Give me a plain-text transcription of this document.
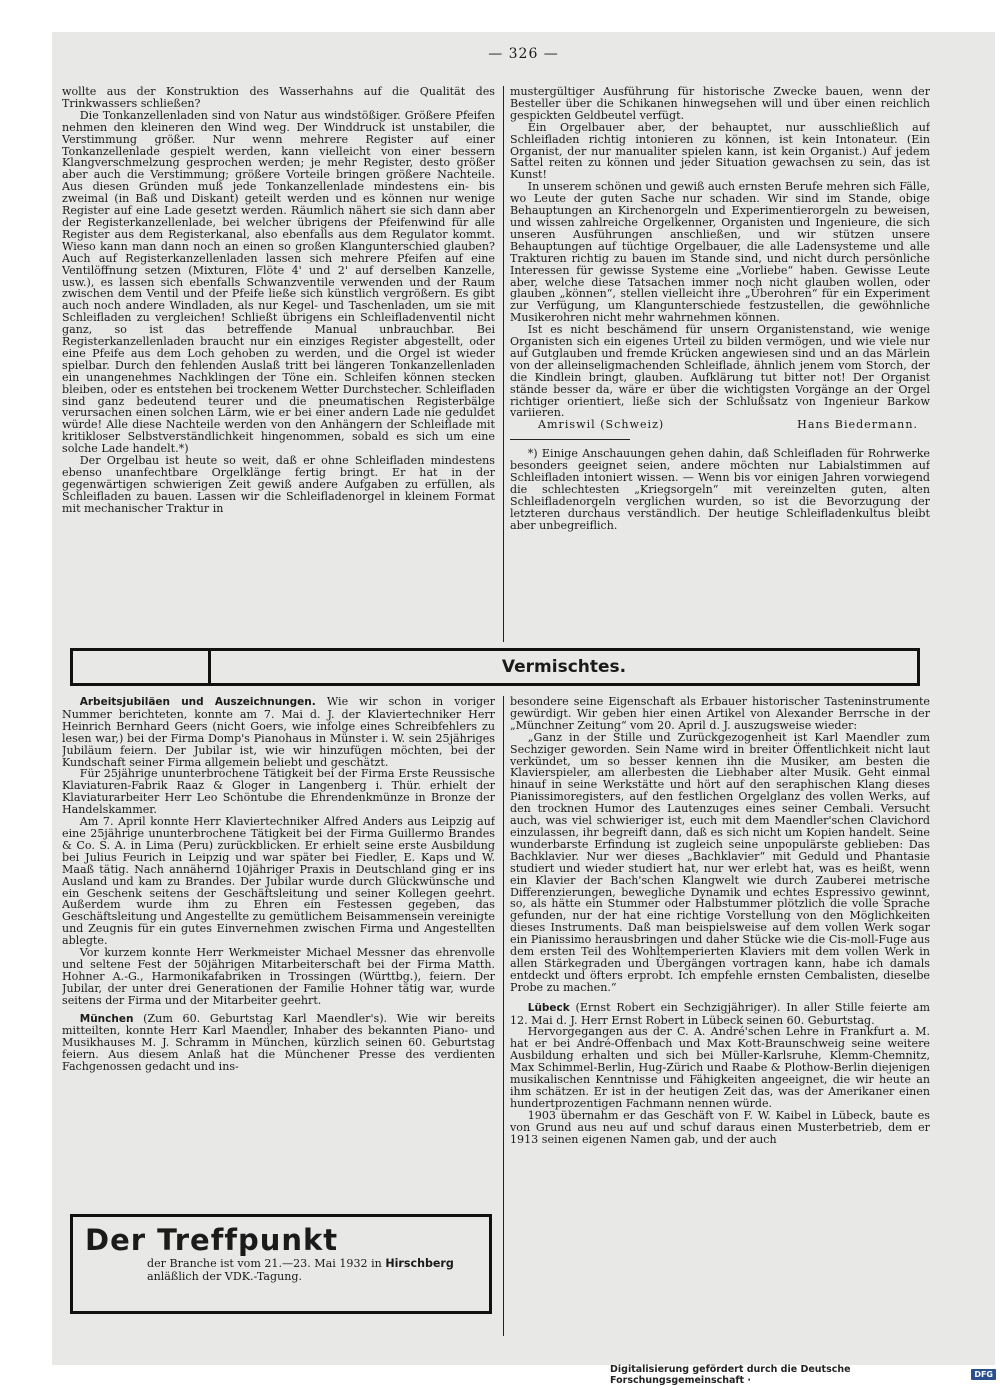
— 326 —

wollte aus der Konstruktion des Wasserhahns auf die Qualität des Trinkwassers schließen?

Die Tonkanzellenladen sind von Natur aus windstößiger. Größere Pfeifen nehmen den kleineren den Wind weg. Der Winddruck ist unstabiler, die Verstimmung größer. Nur wenn mehrere Register auf einer Tonkanzellenlade gespielt werden, kann vielleicht von einer bessern Klangverschmelzung gesprochen werden; je mehr Register, desto größer aber auch die Verstimmung; größere Vorteile bringen größere Nachteile. Aus diesen Gründen muß jede Tonkanzellenlade mindestens ein- bis zweimal (in Baß und Diskant) geteilt werden und es können nur wenige Register auf eine Lade gesetzt werden. Räumlich nähert sie sich dann aber der Registerkanzellenlade, bei welcher übrigens der Pfeifenwind für alle Register aus dem Registerkanal, also ebenfalls aus dem Regulator kommt. Wieso kann man dann noch an einen so großen Klangunterschied glauben? Auch auf Registerkanzellenladen lassen sich mehrere Pfeifen auf eine Ventilöffnung setzen (Mixturen, Flöte 4' und 2' auf derselben Kanzelle, usw.), es lassen sich ebenfalls Schwanzventile verwenden und der Raum zwischen dem Ventil und der Pfeife ließe sich künstlich vergrößern. Es gibt auch noch andere Windladen, als nur Kegel- und Taschenladen, um sie mit Schleifladen zu vergleichen! Schließt übrigens ein Schleifladenventil nicht ganz, so ist das betreffende Manual unbrauchbar. Bei Registerkanzellenladen braucht nur ein einziges Register abgestellt, oder eine Pfeife aus dem Loch gehoben zu werden, und die Orgel ist wieder spielbar. Durch den fehlenden Auslaß tritt bei längeren Tonkanzellenladen ein unangenehmes Nachklingen der Töne ein. Schleifen können stecken bleiben, oder es entstehen bei trockenem Wetter Durchstecher. Schleifladen sind ganz bedeutend teurer und die pneumatischen Registerbälge verursachen einen solchen Lärm, wie er bei einer andern Lade nie geduldet würde! Alle diese Nachteile werden von den Anhängern der Schleiflade mit kritikloser Selbstverständlichkeit hingenommen, sobald es sich um eine solche Lade handelt.*)

Der Orgelbau ist heute so weit, daß er ohne Schleifladen mindestens ebenso unanfechtbare Orgelklänge fertig bringt. Er hat in der gegenwärtigen schwierigen Zeit gewiß andere Aufgaben zu erfüllen, als Schleifladen zu bauen. Lassen wir die Schleifladenorgel in kleinem Format mit mechanischer Traktur in

mustergültiger Ausführung für historische Zwecke bauen, wenn der Besteller über die Schikanen hinwegsehen will und über einen reichlich gespickten Geldbeutel verfügt.

Ein Orgelbauer aber, der behauptet, nur ausschließlich auf Schleifladen richtig intonieren zu können, ist kein Intonateur. (Ein Organist, der nur manualiter spielen kann, ist kein Organist.) Auf jedem Sattel reiten zu können und jeder Situation gewachsen zu sein, das ist Kunst!

In unserem schönen und gewiß auch ernsten Berufe mehren sich Fälle, wo Leute der guten Sache nur schaden. Wir sind im Stande, obige Behauptungen an Kirchenorgeln und Experimentierorgeln zu beweisen, und wissen zahlreiche Orgelkenner, Organisten und Ingenieure, die sich unseren Ausführungen anschließen, und wir stützen unsere Behauptungen auf tüchtige Orgelbauer, die alle Ladensysteme und alle Trakturen richtig zu bauen im Stande sind, und nicht durch persönliche Interessen für gewisse Systeme eine „Vorliebe“ haben. Gewisse Leute aber, welche diese Tatsachen immer noch nicht glauben wollen, oder glauben „können“, stellen vielleicht ihre „Überohren“ für ein Experiment zur Verfügung, um Klangunterschiede festzustellen, die gewöhnliche Musikerohren nicht mehr wahrnehmen können.

Ist es nicht beschämend für unsern Organistenstand, wie wenige Organisten sich ein eigenes Urteil zu bilden vermögen, und wie viele nur auf Gutglauben und fremde Krücken angewiesen sind und an das Märlein von der alleinseligmachenden Schleiflade, ähnlich jenem vom Storch, der die Kindlein bringt, glauben. Aufklärung tut bitter not! Der Organist stände besser da, wäre er über die wichtigsten Vorgänge an der Orgel richtiger orientiert, ließe sich der Schlußsatz von Ingenieur Barkow variieren.

Amriswil (Schweiz)	Hans Biedermann.

*) Einige Anschauungen gehen dahin, daß Schleifladen für Rohrwerke besonders geeignet seien, andere möchten nur Labialstimmen auf Schleifladen intoniert wissen. — Wenn bis vor einigen Jahren vorwiegend die schlechtesten „Kriegsorgeln“ mit vereinzelten guten, alten Schleifladenorgeln verglichen wurden, so ist die Bevorzugung der letzteren durchaus verständlich. Der heutige Schleifladenkultus bleibt aber unbegreiflich.

Vermischtes.

Arbeitsjubiläen und Auszeichnungen. Wie wir schon in voriger Nummer berichteten, konnte am 7. Mai d. J. der Klaviertechniker Herr Heinrich Bernhard Geers (nicht Goers, wie infolge eines Schreibfehlers zu lesen war,) bei der Firma Domp's Pianohaus in Münster i. W. sein 25jähriges Jubiläum feiern. Der Jubilar ist, wie wir hinzufügen möchten, bei der Kundschaft seiner Firma allgemein beliebt und geschätzt.

Für 25jährige ununterbrochene Tätigkeit bei der Firma Erste Reussische Klaviaturen-Fabrik Raaz & Gloger in Langenberg i. Thür. erhielt der Klaviaturarbeiter Herr Leo Schöntube die Ehrendenkmünze in Bronze der Handelskammer.

Am 7. April konnte Herr Klaviertechniker Alfred Anders aus Leipzig auf eine 25jährige ununterbrochene Tätigkeit bei der Firma Guillermo Brandes & Co. S. A. in Lima (Peru) zurückblicken. Er erhielt seine erste Ausbildung bei Julius Feurich in Leipzig und war später bei Fiedler, E. Kaps und W. Maaß tätig. Nach annähernd 10jähriger Praxis in Deutschland ging er ins Ausland und kam zu Brandes. Der Jubilar wurde durch Glückwünsche und ein Geschenk seitens der Geschäftsleitung und seiner Kollegen geehrt. Außerdem wurde ihm zu Ehren ein Festessen gegeben, das Geschäftsleitung und Angestellte zu gemütlichem Beisammensein vereinigte und Zeugnis für ein gutes Einvernehmen zwischen Firma und Angestellten ablegte.

Vor kurzem konnte Herr Werkmeister Michael Messner das ehrenvolle und seltene Fest der 50jährigen Mitarbeiterschaft bei der Firma Matth. Hohner A.-G., Harmonikafabriken in Trossingen (Württbg.), feiern. Der Jubilar, der unter drei Generationen der Familie Hohner tätig war, wurde seitens der Firma und der Mitarbeiter geehrt.

München (Zum 60. Geburtstag Karl Maendler's). Wie wir bereits mitteilten, konnte Herr Karl Maendler, Inhaber des bekannten Piano- und Musikhauses M. J. Schramm in München, kürzlich seinen 60. Geburtstag feiern. Aus diesem Anlaß hat die Münchener Presse des verdienten Fachgenossen gedacht und ins-

Der Treffpunkt
der Branche ist vom 21.—23. Mai 1932 in Hirschberg
anläßlich der VDK.-Tagung.

besondere seine Eigenschaft als Erbauer historischer Tasteninstrumente gewürdigt. Wir geben hier einen Artikel von Alexander Berrsche in der „Münchner Zeitung“ vom 20. April d. J. auszugsweise wieder:

„Ganz in der Stille und Zurückgezogenheit ist Karl Maendler zum Sechziger geworden. Sein Name wird in breiter Öffentlichkeit nicht laut verkündet, um so besser kennen ihn die Musiker, am besten die Klavierspieler, am allerbesten die Liebhaber alter Musik. Geht einmal hinauf in seine Werkstätte und hört auf den seraphischen Klang dieses Pianissimoregisters, auf den festlichen Orgelglanz des vollen Werks, auf den trocknen Humor des Lautenzuges eines seiner Cembali. Versucht auch, was viel schwieriger ist, euch mit dem Maendler'schen Clavichord einzulassen, ihr begreift dann, daß es sich nicht um Kopien handelt. Seine wunderbarste Erfindung ist zugleich seine unpopulärste geblieben: Das Bachklavier. Nur wer dieses „Bachklavier“ mit Geduld und Phantasie studiert und wieder studiert hat, nur wer erlebt hat, was es heißt, wenn ein Klavier der Bach'schen Klangwelt wie durch Zauberei metrische Differenzierungen, bewegliche Dynamik und echtes Espressivo gewinnt, so, als hätte ein Stummer oder Halbstummer plötzlich die volle Sprache gefunden, nur der hat eine richtige Vorstellung von den Möglichkeiten dieses Instruments. Daß man beispielsweise auf dem vollen Werk sogar ein Pianissimo herausbringen und daher Stücke wie die Cis-moll-Fuge aus dem ersten Teil des Wohltemperierten Klaviers mit dem vollen Werk in allen Stärkegraden und Übergängen vortragen kann, habe ich damals entdeckt und öfters erprobt. Ich empfehle ernsten Cembalisten, dieselbe Probe zu machen.“

Lübeck (Ernst Robert ein Sechzigjähriger). In aller Stille feierte am 12. Mai d. J. Herr Ernst Robert in Lübeck seinen 60. Geburtstag.

Hervorgegangen aus der C. A. André'schen Lehre in Frankfurt a. M. hat er bei André-Offenbach und Max Kott-Braunschweig seine weitere Ausbildung erhalten und sich bei Müller-Karlsruhe, Klemm-Chemnitz, Max Schimmel-Berlin, Hug-Zürich und Raabe & Plothow-Berlin diejenigen musikalischen Kenntnisse und Fähigkeiten angeeignet, die wir heute an ihm schätzen. Er ist in der heutigen Zeit das, was der Amerikaner einen hundertprozentigen Fachmann nennen würde.

1903 übernahm er das Geschäft von F. W. Kaibel in Lübeck, baute es von Grund aus neu auf und schuf daraus einen Musterbetrieb, dem er 1913 seinen eigenen Namen gab, und der auch

Digitalisierung gefördert durch die Deutsche Forschungsgemeinschaft ·	DFG
